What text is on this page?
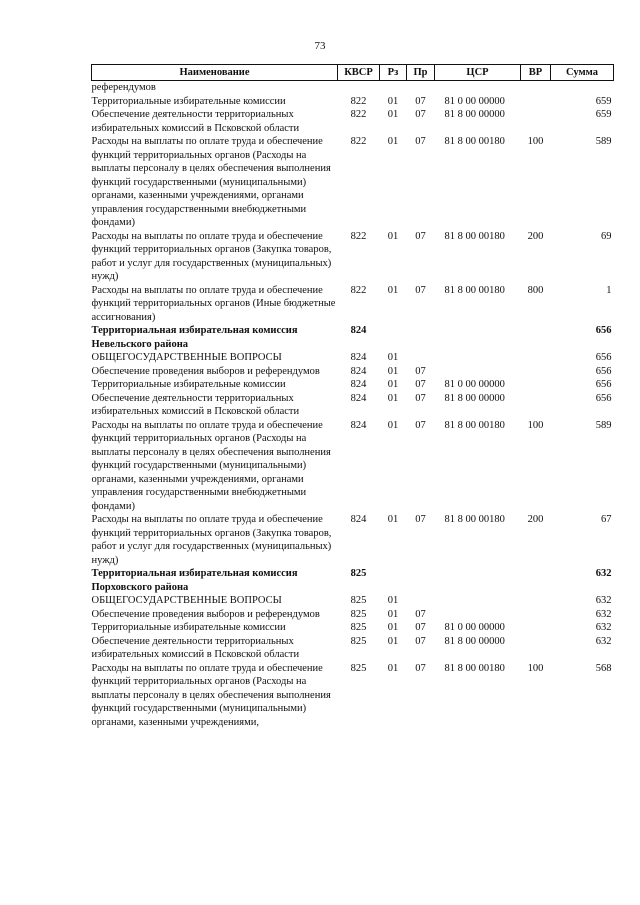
73
Наименование	КВСР	Рз	Пр	ЦСР	ВР	Сумма
референдумов						
Территориальные избирательные комиссии	822	01	07	81 0 00 00000		659
Обеспечение деятельности территориальных избирательных комиссий в Псковской области	822	01	07	81 8 00 00000		659
Расходы на выплаты по оплате труда и обеспечение функций территориальных органов (Расходы на выплаты персоналу в целях обеспечения выполнения функций государственными (муниципальными) органами, казенными учреждениями, органами управления государственными внебюджетными фондами)	822	01	07	81 8 00 00180	100	589
Расходы на выплаты по оплате труда и обеспечение функций территориальных органов (Закупка товаров, работ и услуг для государственных (муниципальных) нужд)	822	01	07	81 8 00 00180	200	69
Расходы на выплаты по оплате труда и обеспечение функций территориальных органов (Иные бюджетные ассигнования)	822	01	07	81 8 00 00180	800	1
Территориальная избирательная комиссия Невельского района	824					656
ОБЩЕГОСУДАРСТВЕННЫЕ ВОПРОСЫ	824	01				656
Обеспечение проведения выборов и референдумов	824	01	07			656
Территориальные избирательные комиссии	824	01	07	81 0 00 00000		656
Обеспечение деятельности территориальных избирательных комиссий в Псковской области	824	01	07	81 8 00 00000		656
Расходы на выплаты по оплате труда и обеспечение функций территориальных органов (Расходы на выплаты персоналу в целях обеспечения выполнения функций государственными (муниципальными) органами, казенными учреждениями, органами управления государственными внебюджетными фондами)	824	01	07	81 8 00 00180	100	589
Расходы на выплаты по оплате труда и обеспечение функций территориальных органов (Закупка товаров, работ и услуг для государственных (муниципальных) нужд)	824	01	07	81 8 00 00180	200	67
Территориальная избирательная комиссия Порховского района	825					632
ОБЩЕГОСУДАРСТВЕННЫЕ ВОПРОСЫ	825	01				632
Обеспечение проведения выборов и референдумов	825	01	07			632
Территориальные избирательные комиссии	825	01	07	81 0 00 00000		632
Обеспечение деятельности территориальных избирательных комиссий в Псковской области	825	01	07	81 8 00 00000		632
Расходы на выплаты по оплате труда и обеспечение функций территориальных органов (Расходы на выплаты персоналу в целях обеспечения выполнения функций государственными (муниципальными) органами, казенными учреждениями,	825	01	07	81 8 00 00180	100	568
